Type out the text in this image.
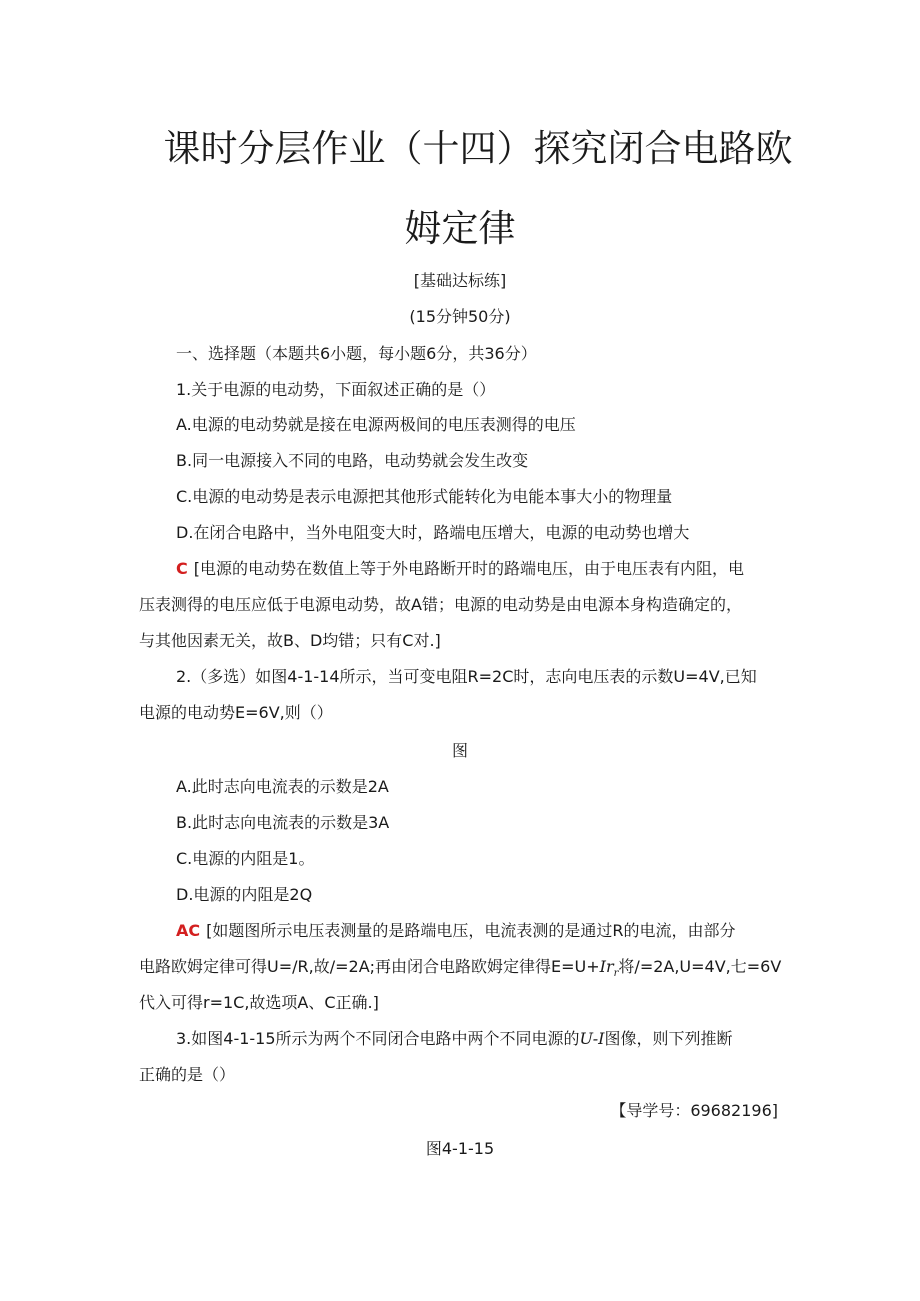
课时分层作业（十四）探究闭合电路欧
姆定律
[基础达标练]
(15分钟50分)
一、选择题（本题共6小题，每小题6分，共36分）
1.关于电源的电动势，下面叙述正确的是（）
A.电源的电动势就是接在电源两极间的电压表测得的电压
B.同一电源接入不同的电路，电动势就会发生改变
C.电源的电动势是表示电源把其他形式能转化为电能本事大小的物理量
D.在闭合电路中，当外电阻变大时，路端电压增大，电源的电动势也增大
C [电源的电动势在数值上等于外电路断开时的路端电压，由于电压表有内阻，电
压表测得的电压应低于电源电动势，故A错；电源的电动势是由电源本身构造确定的，
与其他因素无关，故B、D均错；只有C对.]
2.（多选）如图4-1-14所示，当可变电阻R=2C时，志向电压表的示数U=4V,已知
电源的电动势E=6V,则（）
图
A.此时志向电流表的示数是2A
B.此时志向电流表的示数是3A
C.电源的内阻是1。
D.电源的内阻是2Q
AC [如题图所示电压表测量的是路端电压，电流表测的是通过R的电流，由部分
电路欧姆定律可得U=/R,故/=2A;再由闭合电路欧姆定律得$E=U+Ir_r$将/=2A,U=4V,七=6V
代入可得r=1C,故选项A、C正确.]
3.如图4-1-15所示为两个不同闭合电路中两个不同电源的U-I图像，则下列推断
正确的是（）
【导学号：69682196]
图4-1-15
